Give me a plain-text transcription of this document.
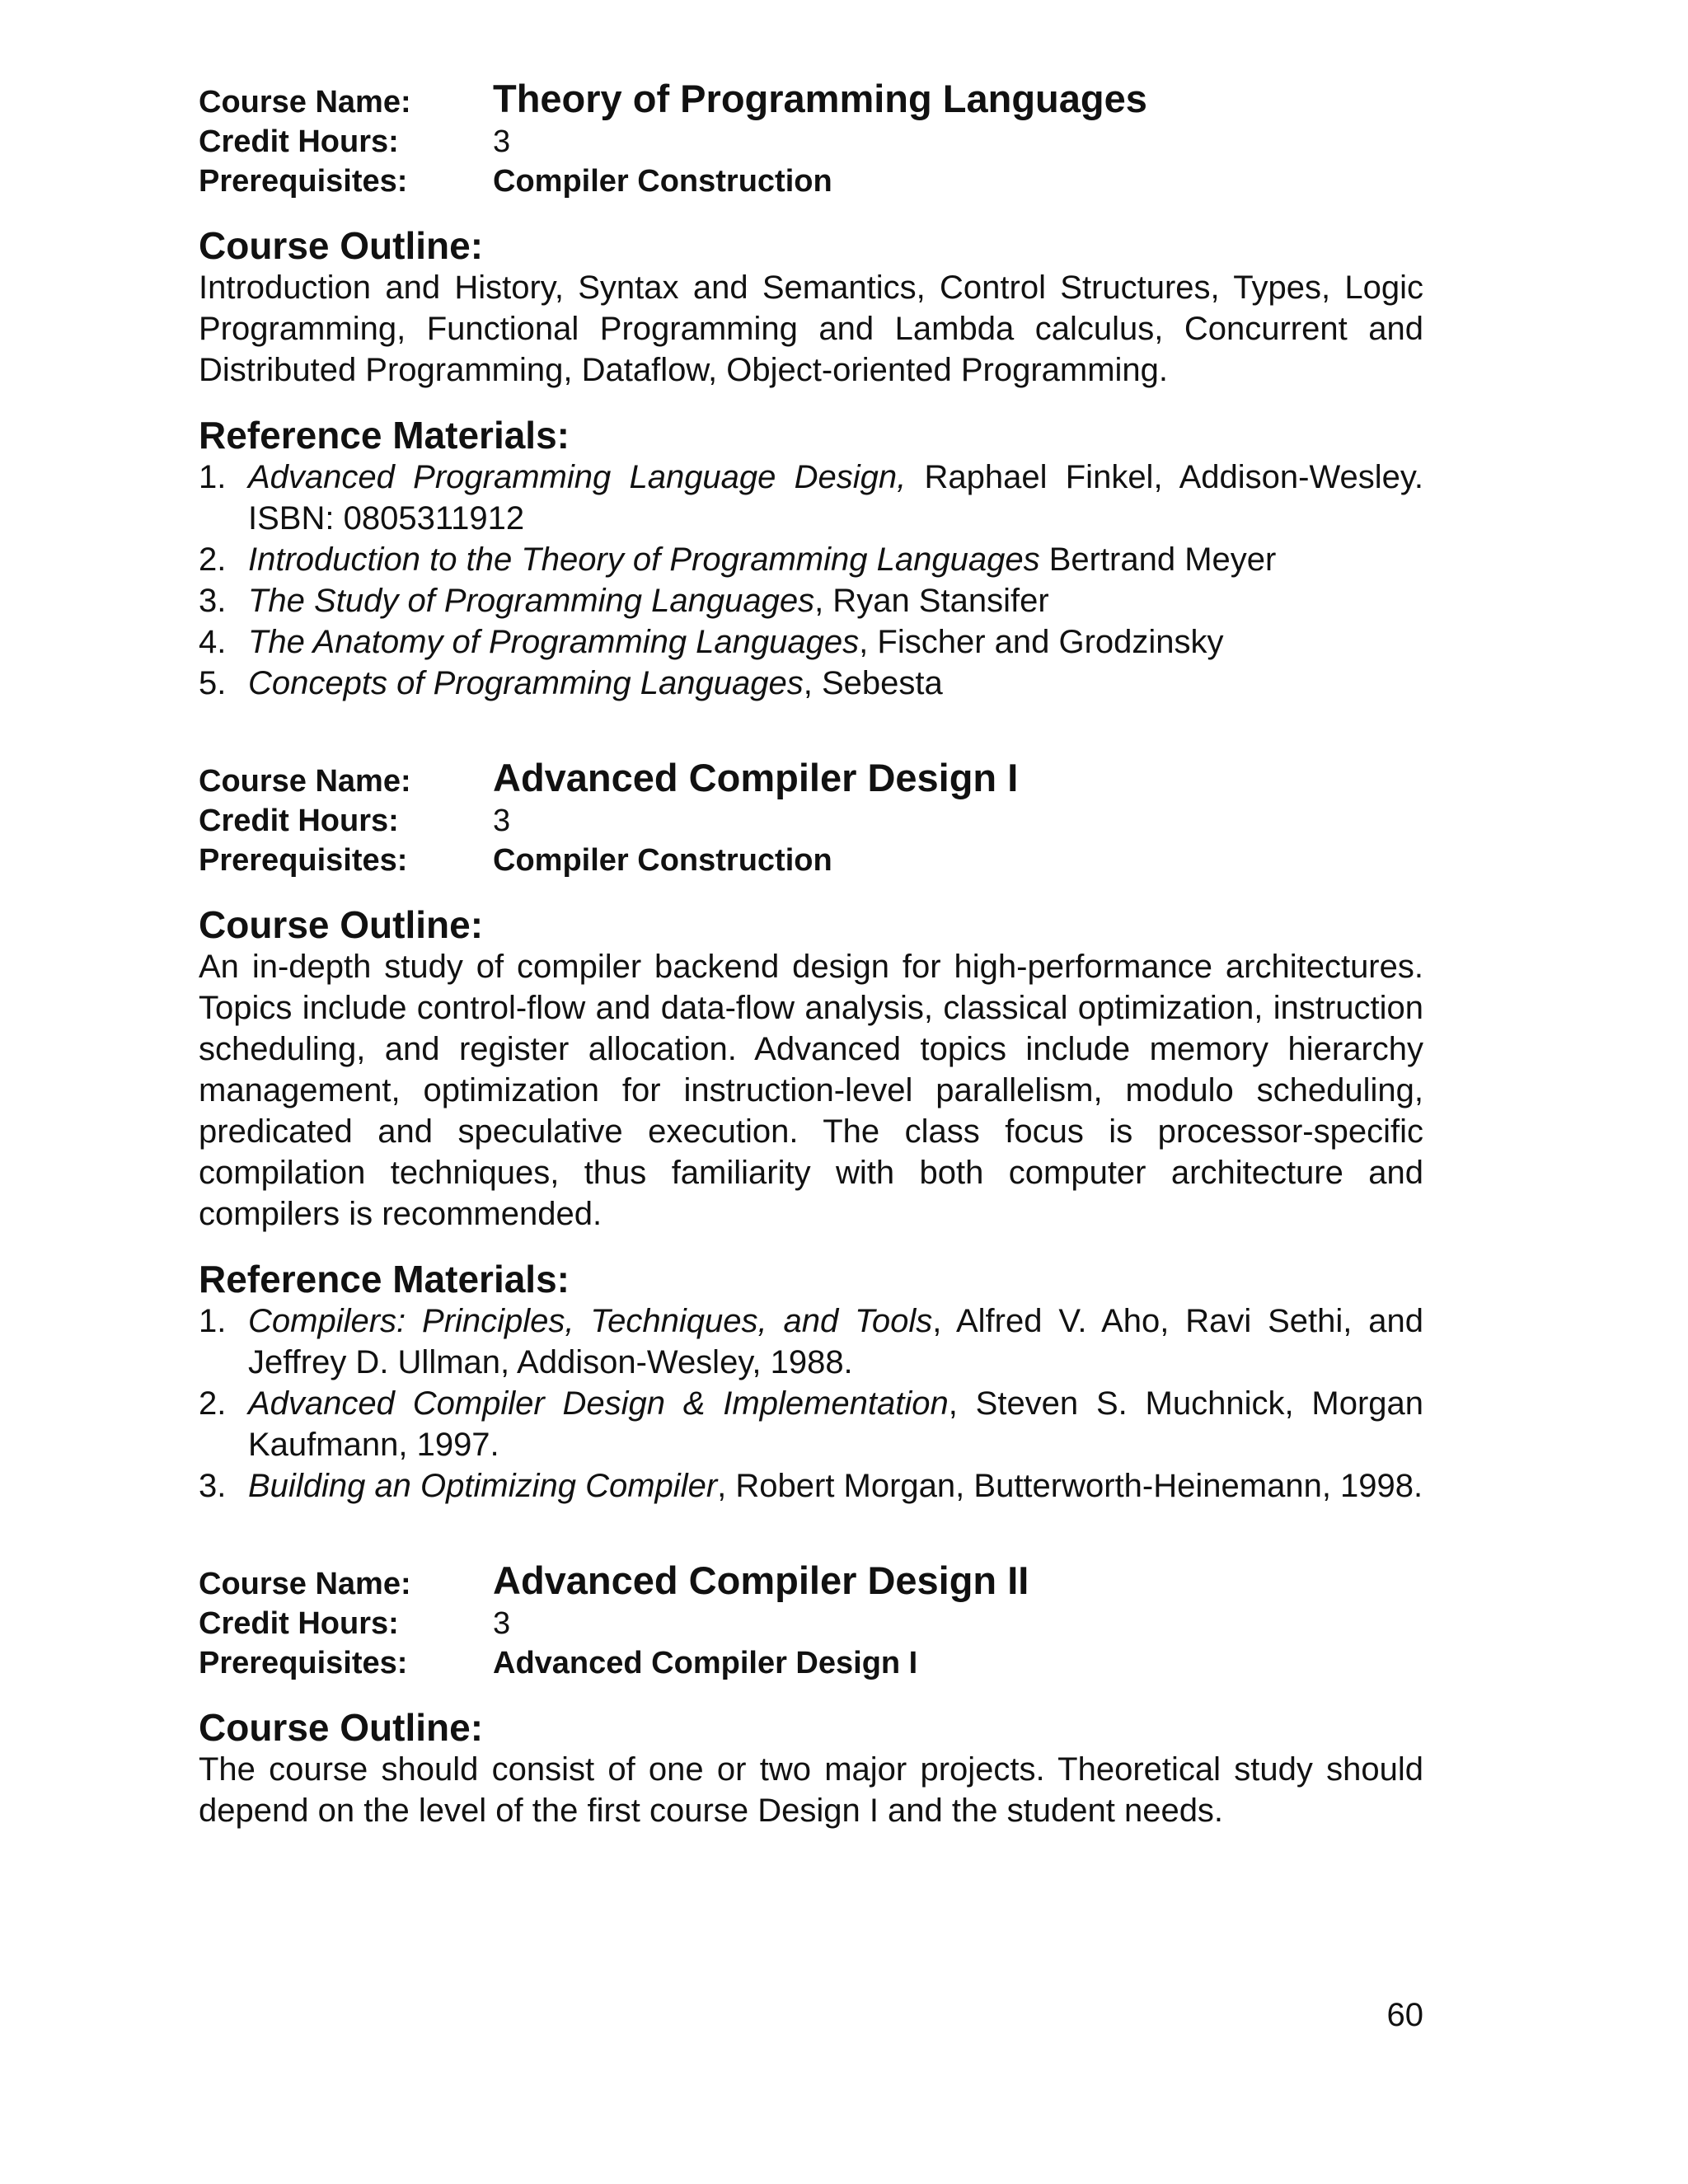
Course Name:	Theory of Programming Languages
Credit Hours:	3
Prerequisites:	Compiler Construction
Course Outline:

Introduction and History, Syntax and Semantics, Control Structures, Types, Logic Programming, Functional Programming and Lambda calculus, Concurrent and Distributed Programming, Dataflow, Object-oriented Programming.

Reference Materials:
1. Advanced Programming Language Design, Raphael Finkel, Addison-Wesley. ISBN: 0805311912
2. Introduction to the Theory of Programming Languages Bertrand Meyer
3. The Study of Programming Languages, Ryan Stansifer
4. The Anatomy of Programming Languages, Fischer and Grodzinsky
5. Concepts of Programming Languages, Sebesta
Course Name:	Advanced Compiler Design I
Credit Hours:	3
Prerequisites:	Compiler Construction
Course Outline:

An in-depth study of compiler backend design for high-performance architectures. Topics include control-flow and data-flow analysis, classical optimization, instruction scheduling, and register allocation. Advanced topics include memory hierarchy management, optimization for instruction-level parallelism, modulo scheduling, predicated and speculative execution. The class focus is processor-specific compilation techniques, thus familiarity with both computer architecture and compilers is recommended.

Reference Materials:
1. Compilers: Principles, Techniques, and Tools, Alfred V. Aho, Ravi Sethi, and Jeffrey D. Ullman, Addison-Wesley, 1988.
2. Advanced Compiler Design & Implementation, Steven S. Muchnick, Morgan Kaufmann, 1997.
3. Building an Optimizing Compiler, Robert Morgan, Butterworth-Heinemann, 1998.
Course Name:	Advanced Compiler Design II
Credit Hours:	3
Prerequisites:	Advanced Compiler Design I
Course Outline:

The course should consist of one or two major projects. Theoretical study should depend on the level of the first course Design I and the student needs.

60
